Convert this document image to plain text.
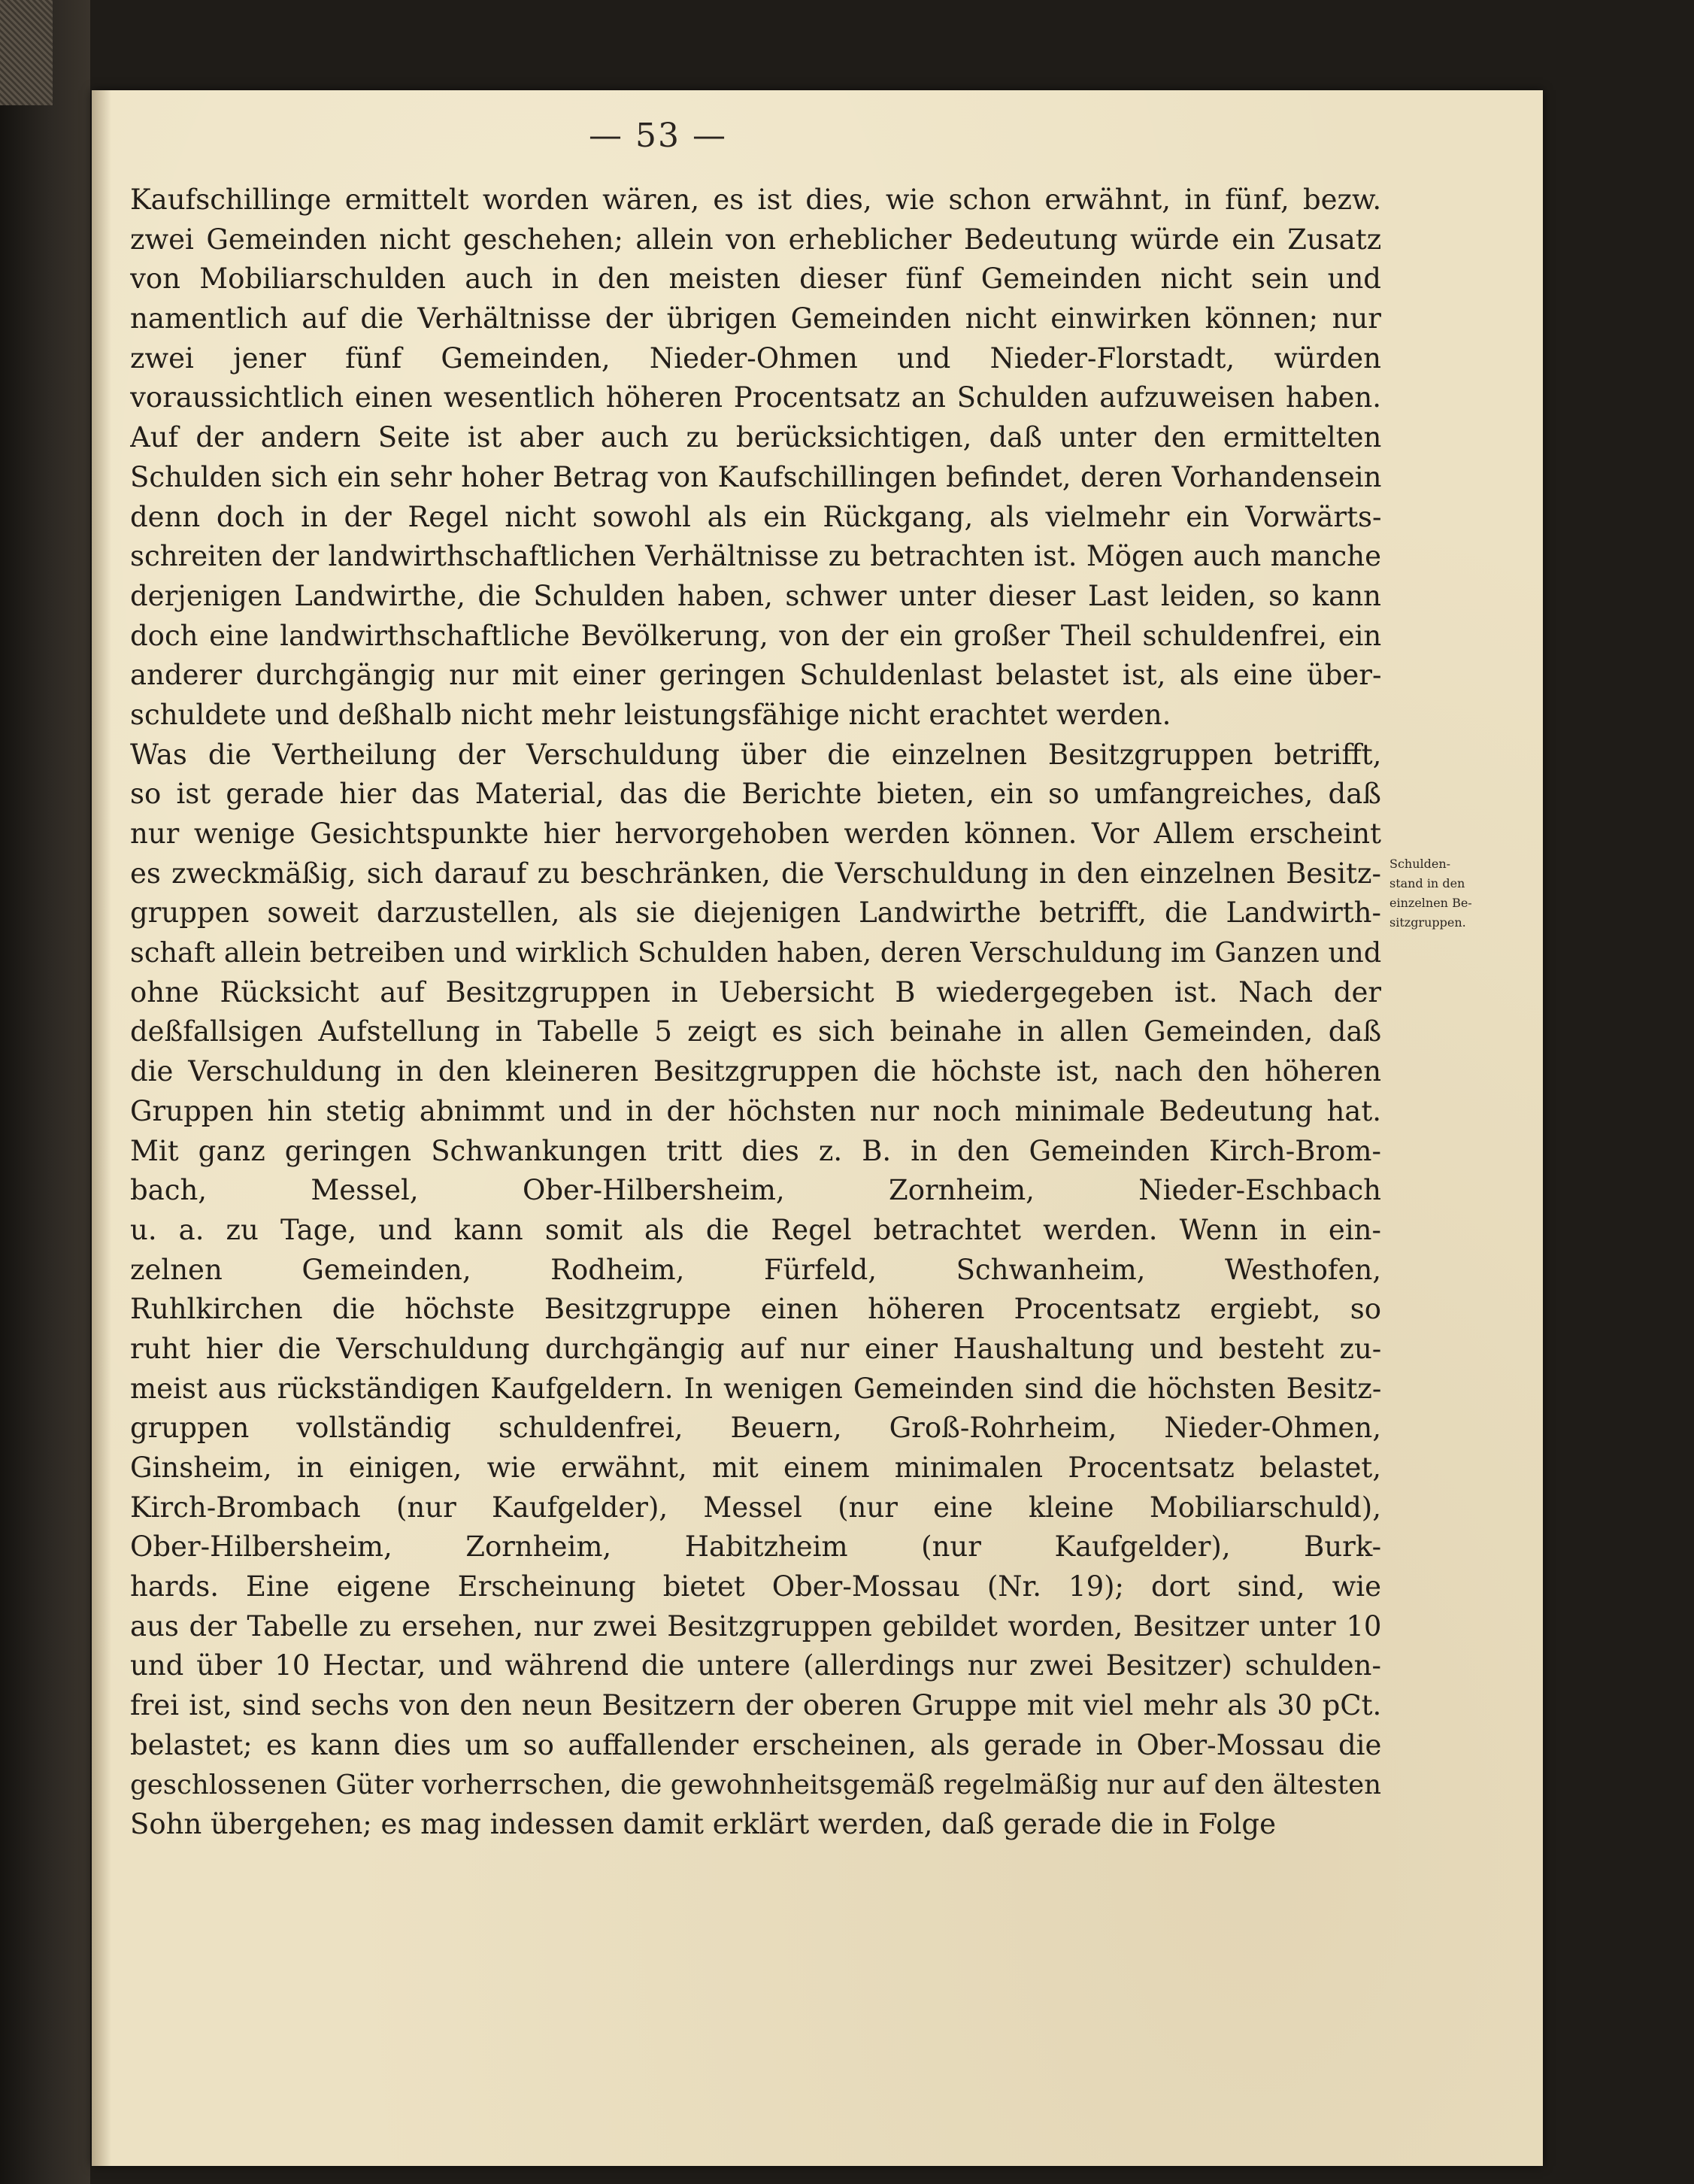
— 53 —
Kaufschillinge ermittelt worden wären, es ist dies, wie schon erwähnt, in fünf, bezw.
zwei Gemeinden nicht geschehen; allein von erheblicher Bedeutung würde ein Zusatz
von Mobiliarschulden auch in den meisten dieser fünf Gemeinden nicht sein und
namentlich auf die Verhältnisse der übrigen Gemeinden nicht einwirken können; nur
zwei jener fünf Gemeinden, Nieder-Ohmen und Nieder-Florstadt, würden
voraussichtlich einen wesentlich höheren Procentsatz an Schulden aufzuweisen haben.
Auf der andern Seite ist aber auch zu berücksichtigen, daß unter den ermittelten
Schulden sich ein sehr hoher Betrag von Kaufschillingen befindet, deren Vorhandensein
denn doch in der Regel nicht sowohl als ein Rückgang, als vielmehr ein Vorwärts-
schreiten der landwirthschaftlichen Verhältnisse zu betrachten ist. Mögen auch manche
derjenigen Landwirthe, die Schulden haben, schwer unter dieser Last leiden, so kann
doch eine landwirthschaftliche Bevölkerung, von der ein großer Theil schuldenfrei, ein
anderer durchgängig nur mit einer geringen Schuldenlast belastet ist, als eine über-
schuldete und deßhalb nicht mehr leistungsfähige nicht erachtet werden.
Was die Vertheilung der Verschuldung über die einzelnen Besitzgruppen betrifft,
so ist gerade hier das Material, das die Berichte bieten, ein so umfangreiches, daß
nur wenige Gesichtspunkte hier hervorgehoben werden können. Vor Allem erscheint
es zweckmäßig, sich darauf zu beschränken, die Verschuldung in den einzelnen Besitz-
gruppen soweit darzustellen, als sie diejenigen Landwirthe betrifft, die Landwirth-
schaft allein betreiben und wirklich Schulden haben, deren Verschuldung im Ganzen und
ohne Rücksicht auf Besitzgruppen in Uebersicht B wiedergegeben ist. Nach der
deßfallsigen Aufstellung in Tabelle 5 zeigt es sich beinahe in allen Gemeinden, daß
die Verschuldung in den kleineren Besitzgruppen die höchste ist, nach den höheren
Gruppen hin stetig abnimmt und in der höchsten nur noch minimale Bedeutung hat.
Mit ganz geringen Schwankungen tritt dies z. B. in den Gemeinden Kirch-Brom-
bach, Messel, Ober-Hilbersheim, Zornheim, Nieder-Eschbach
u. a. zu Tage, und kann somit als die Regel betrachtet werden. Wenn in ein-
zelnen Gemeinden, Rodheim, Fürfeld, Schwanheim, Westhofen,
Ruhlkirchen die höchste Besitzgruppe einen höheren Procentsatz ergiebt, so
ruht hier die Verschuldung durchgängig auf nur einer Haushaltung und besteht zu-
meist aus rückständigen Kaufgeldern. In wenigen Gemeinden sind die höchsten Besitz-
gruppen vollständig schuldenfrei, Beuern, Groß-Rohrheim, Nieder-Ohmen,
Ginsheim, in einigen, wie erwähnt, mit einem minimalen Procentsatz belastet,
Kirch-Brombach (nur Kaufgelder), Messel (nur eine kleine Mobiliarschuld),
Ober-Hilbersheim, Zornheim, Habitzheim (nur Kaufgelder), Burk-
hards. Eine eigene Erscheinung bietet Ober-Mossau (Nr. 19); dort sind, wie
aus der Tabelle zu ersehen, nur zwei Besitzgruppen gebildet worden, Besitzer unter 10
und über 10 Hectar, und während die untere (allerdings nur zwei Besitzer) schulden-
frei ist, sind sechs von den neun Besitzern der oberen Gruppe mit viel mehr als 30 pCt.
belastet; es kann dies um so auffallender erscheinen, als gerade in Ober-Mossau die
geschlossenen Güter vorherrschen, die gewohnheitsgemäß regelmäßig nur auf den ältesten
Sohn übergehen; es mag indessen damit erklärt werden, daß gerade die in Folge
Schulden-
stand in den
einzelnen Be-
sitzgruppen.
